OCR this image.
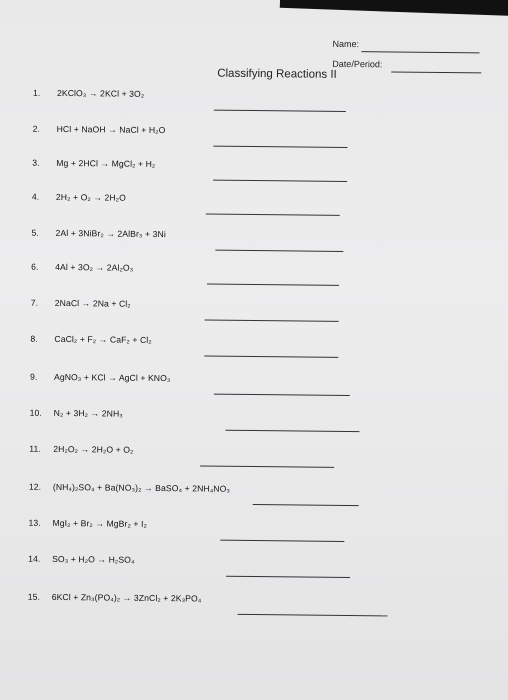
Name:
Date/Period:
Classifying Reactions II
1. 2KClO₃ → 2KCl + 3O₂
2. HCl + NaOH → NaCl + H₂O
3. Mg + 2HCl → MgCl₂ + H₂
4. 2H₂ + O₂ → 2H₂O
5. 2Al + 3NiBr₂ → 2AlBr₃ + 3Ni
6. 4Al + 3O₂ → 2Al₂O₃
7. 2NaCl → 2Na + Cl₂
8. CaCl₂ + F₂ → CaF₂ + Cl₂
9. AgNO₃ + KCl → AgCl + KNO₃
10. N₂ + 3H₂ → 2NH₃
11. 2H₂O₂ → 2H₂O + O₂
12. (NH₄)₂SO₄ + Ba(NO₃)₂ → BaSO₄ + 2NH₄NO₃
13. MgI₂ + Br₂ → MgBr₂ + I₂
14. SO₃ + H₂O → H₂SO₄
15. 6KCl + Zn₃(PO₄)₂ → 3ZnCl₂ + 2K₃PO₄
